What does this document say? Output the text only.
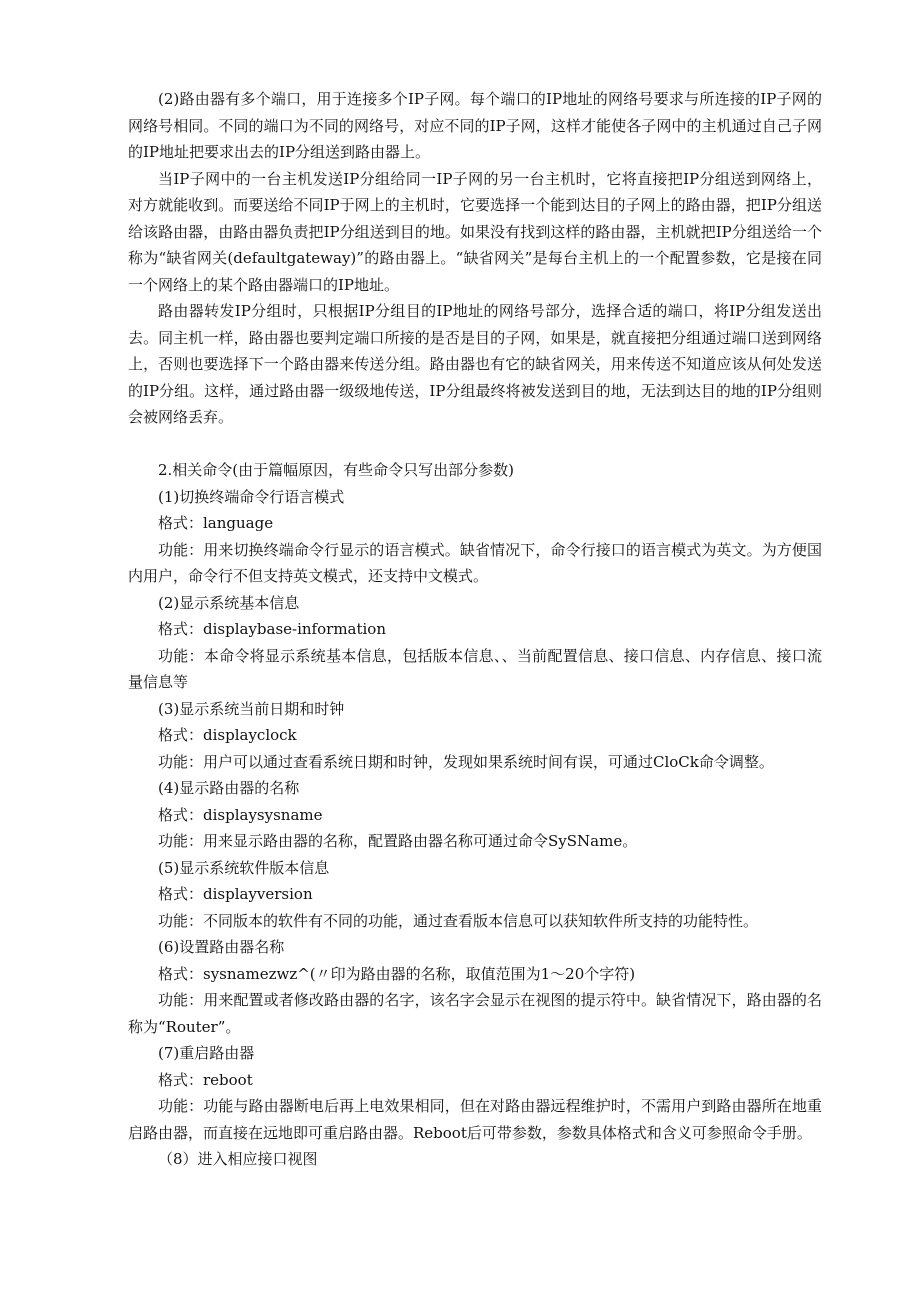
(2)路由器有多个端口，用于连接多个IP子网。每个端口的IP地址的网络号要求与所连接的IP子网的网络号相同。不同的端口为不同的网络号，对应不同的IP子网，这样才能使各子网中的主机通过自己子网的IP地址把要求出去的IP分组送到路由器上。

当IP子网中的一台主机发送IP分组给同一IP子网的另一台主机时，它将直接把IP分组送到网络上，对方就能收到。而要送给不同IP于网上的主机时，它要选择一个能到达目的子网上的路由器，把IP分组送给该路由器，由路由器负责把IP分组送到目的地。如果没有找到这样的路由器，主机就把IP分组送给一个称为“缺省网关(defaultgateway)”的路由器上。“缺省网关”是每台主机上的一个配置参数，它是接在同一个网络上的某个路由器端口的IP地址。

路由器转发IP分组时，只根据IP分组目的IP地址的网络号部分，选择合适的端口，将IP分组发送出去。同主机一样，路由器也要判定端口所接的是否是目的子网，如果是，就直接把分组通过端口送到网络上，否则也要选择下一个路由器来传送分组。路由器也有它的缺省网关，用来传送不知道应该从何处发送的IP分组。这样，通过路由器一级级地传送，IP分组最终将被发送到目的地，无法到达目的地的IP分组则会被网络丢弃。

2.相关命令(由于篇幅原因，有些命令只写出部分参数)

(1)切换终端命令行语言模式

格式：language

功能：用来切换终端命令行显示的语言模式。缺省情况下，命令行接口的语言模式为英文。为方便国内用户，命令行不但支持英文模式，还支持中文模式。

(2)显示系统基本信息

格式：displaybase-information

功能：本命令将显示系统基本信息，包括版本信息、、当前配置信息、接口信息、内存信息、接口流量信息等

(3)显示系统当前日期和时钟

格式：displayclock

功能：用户可以通过查看系统日期和时钟，发现如果系统时间有误，可通过CloCk命令调整。

(4)显示路由器的名称

格式：displaysysname

功能：用来显示路由器的名称，配置路由器名称可通过命令SySName。

(5)显示系统软件版本信息

格式：displayversion

功能：不同版本的软件有不同的功能，通过查看版本信息可以获知软件所支持的功能特性。

(6)设置路由器名称

格式：sysnamezwz^(〃印为路由器的名称，取值范围为1～20个字符)

功能：用来配置或者修改路由器的名字，该名字会显示在视图的提示符中。缺省情况下，路由器的名称为“Router”。

(7)重启路由器

格式：reboot

功能：功能与路由器断电后再上电效果相同，但在对路由器远程维护时，不需用户到路由器所在地重启路由器，而直接在远地即可重启路由器。Reboot后可带参数，参数具体格式和含义可参照命令手册。

（8）进入相应接口视图
